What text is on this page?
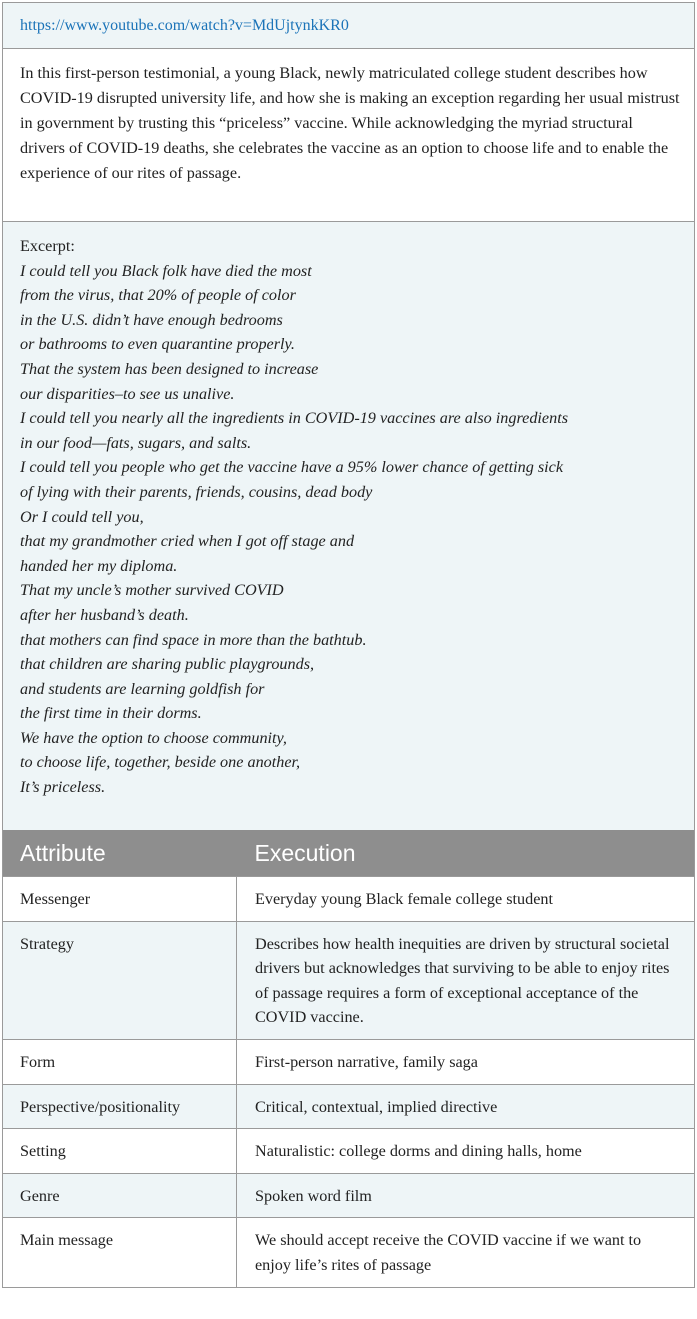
https://www.youtube.com/watch?v=MdUjtynkKR0
In this first-person testimonial, a young Black, newly matriculated college student describes how COVID-19 disrupted university life, and how she is making an exception regarding her usual mistrust in government by trusting this “priceless” vaccine. While acknowledging the myriad structural drivers of COVID-19 deaths, she celebrates the vaccine as an option to choose life and to enable the experience of our rites of passage.
Excerpt:
I could tell you Black folk have died the most
from the virus, that 20% of people of color
in the U.S. didn’t have enough bedrooms
or bathrooms to even quarantine properly.
That the system has been designed to increase
our disparities–to see us unalive.
I could tell you nearly all the ingredients in COVID-19 vaccines are also ingredients
in our food—fats, sugars, and salts.
I could tell you people who get the vaccine have a 95% lower chance of getting sick
of lying with their parents, friends, cousins, dead body
Or I could tell you,
that my grandmother cried when I got off stage and
handed her my diploma.
That my uncle’s mother survived COVID
after her husband’s death.
that mothers can find space in more than the bathtub.
that children are sharing public playgrounds,
and students are learning goldfish for
the first time in their dorms.
We have the option to choose community,
to choose life, together, beside one another,
It’s priceless.
Attribute	Execution
Messenger	Everyday young Black female college student
Strategy	Describes how health inequities are driven by structural societal drivers but acknowledges that surviving to be able to enjoy rites of passage requires a form of exceptional acceptance of the COVID vaccine.
Form	First-person narrative, family saga
Perspective/positionality	Critical, contextual, implied directive
Setting	Naturalistic: college dorms and dining halls, home
Genre	Spoken word film
Main message	We should accept receive the COVID vaccine if we want to enjoy life’s rites of passage
